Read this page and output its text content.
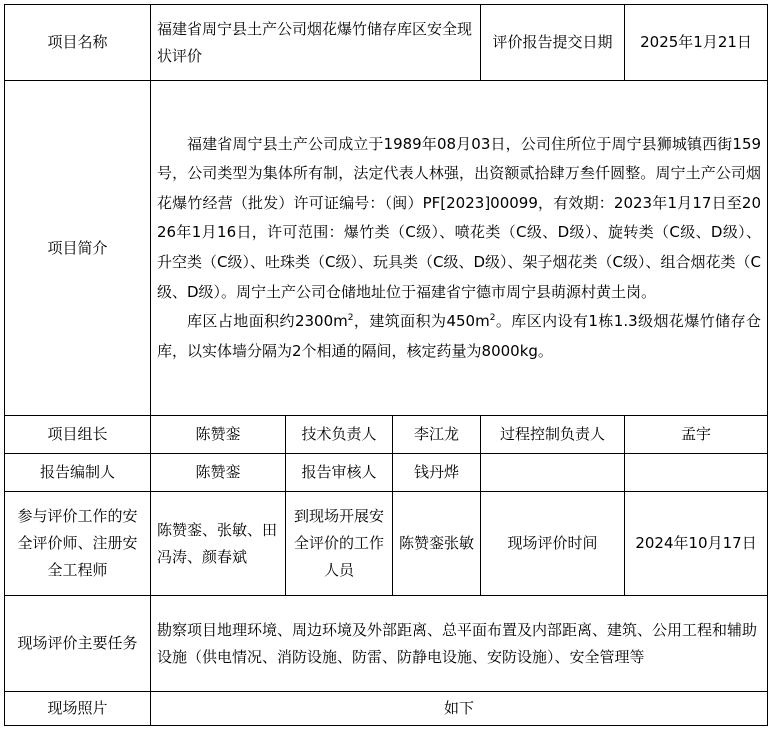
项目名称	福建省周宁县土产公司烟花爆竹储存库区安全现状评价			评价报告提交日期	2025年1月21日
项目简介	福建省周宁县土产公司成立于1989年08月03日，公司住所位于周宁县狮城镇西街159号，公司类型为集体所有制，法定代表人林强，出资额贰拾肆万叁仟圆整。周宁土产公司烟花爆竹经营（批发）许可证编号：（闽）PF[2023]00099，有效期：2023年1月17日至2026年1月16日，许可范围：爆竹类（C级）、喷花类（C级、D级）、旋转类（C级、D级）、升空类（C级）、吐珠类（C级）、玩具类（C级、D级）、架子烟花类（C级）、组合烟花类（C级、D级）。周宁土产公司仓储地址位于福建省宁德市周宁县萌源村黄土岗。

库区占地面积约$2300m^2$，建筑面积为$450m^2$。库区内设有1栋1.3级烟花爆竹储存仓库，以实体墙分隔为2个相通的隔间，核定药量为8000kg。				

项目组长	陈赞銮	技术负责人	李江龙	过程控制负责人	孟宇
报告编制人	陈赞銮	报告审核人	钱丹烨		
参与评价工作的安全评价师、注册安全工程师	陈赞銮、张敏、田冯涛、颜春斌	到现场开展安全评价的工作人员	陈赞銮张敏	现场评价时间	2024年10月17日
现场评价主要任务	勘察项目地理环境、周边环境及外部距离、总平面布置及内部距离、建筑、公用工程和辅助设施（供电情况、消防设施、防雷、防静电设施、安防设施）、安全管理等				
现场照片	如下				
